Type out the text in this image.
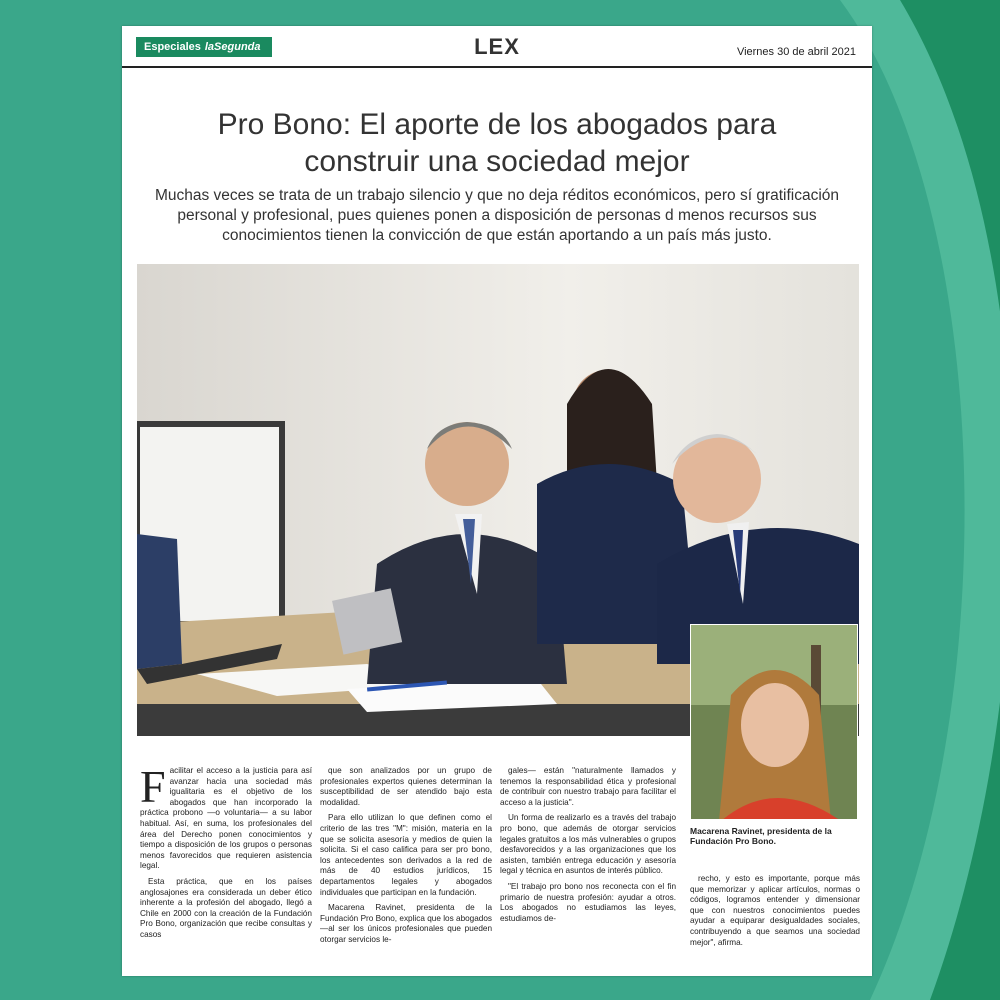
Especiales laSegunda	LEX	Viernes 30 de abril 2021
Pro Bono: El aporte de los abogados para
construir una sociedad mejor
Muchas veces se trata de un trabajo silencio y que no deja réditos económicos, pero sí gratificación personal y profesional, pues quienes ponen a disposición de personas d menos recursos sus conocimientos tienen la convicción de que están aportando a un país más justo.
Macarena Ravinet, presidenta de la Fundación Pro Bono.

Facilitar el acceso a la justicia para así avanzar hacia una sociedad más igualitaria es el objetivo de los abogados que han incorporado la práctica probono —o voluntaria— a su labor habitual. Así, en suma, los profesionales del área del Derecho ponen conocimientos y tiempo a disposición de los grupos o personas menos favorecidos que requieren asistencia legal.

Esta práctica, que en los países anglosajones era considerada un deber ético inherente a la profesión del abogado, llegó a Chile en 2000 con la creación de la Fundación Pro Bono, organización que recibe consultas y casos

que son analizados por un grupo de profesionales expertos quienes determinan la susceptibilidad de ser atendido bajo esta modalidad.

Para ello utilizan lo que definen como el criterio de las tres "M": misión, materia en la que se solicita asesoría y medios de quien la solicita. Si el caso califica para ser pro bono, los antecedentes son derivados a la red de más de 40 estudios jurídicos, 15 departamentos legales y abogados individuales que participan en la fundación.

Macarena Ravinet, presidenta de la Fundación Pro Bono, explica que los abogados —al ser los únicos profesionales que pueden otorgar servicios le-

gales— están "naturalmente llamados y tenemos la responsabilidad ética y profesional de contribuir con nuestro trabajo para facilitar el acceso a la justicia".

Un forma de realizarlo es a través del trabajo pro bono, que además de otorgar servicios legales gratuitos a los más vulnerables o grupos desfavorecidos y a las organizaciones que los asisten, también entrega educación y asesoría legal y técnica en asuntos de interés público.

"El trabajo pro bono nos reconecta con el fin primario de nuestra profesión: ayudar a otros. Los abogados no estudiamos las leyes, estudiamos de-

recho, y esto es importante, porque más que memorizar y aplicar artículos, normas o códigos, logramos entender y dimensionar que con nuestros conocimientos puedes ayudar a equiparar desigualdades sociales, contribuyendo a que seamos una sociedad mejor", afirma.
